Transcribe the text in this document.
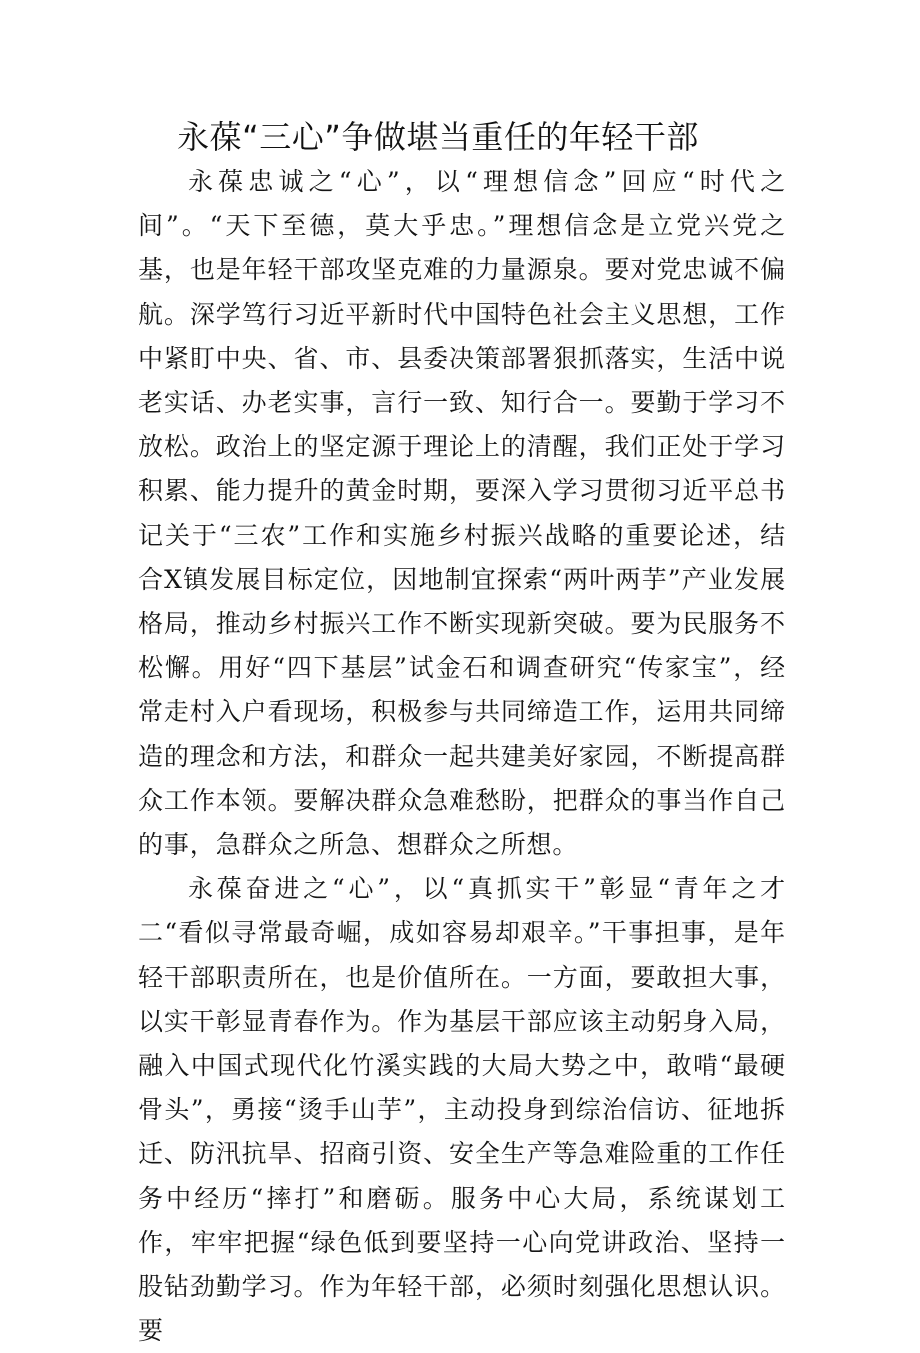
永葆“三心”争做堪当重任的年轻干部

永葆忠诚之“心”，以“理想信念”回应“时代之间”。“天下至德，莫大乎忠。”理想信念是立党兴党之基，也是年轻干部攻坚克难的力量源泉。要对党忠诚不偏航。深学笃行习近平新时代中国特色社会主义思想，工作中紧盯中央、省、市、县委决策部署狠抓落实，生活中说老实话、办老实事，言行一致、知行合一。要勤于学习不放松。政治上的坚定源于理论上的清醒，我们正处于学习积累、能力提升的黄金时期，要深入学习贯彻习近平总书记关于“三农”工作和实施乡村振兴战略的重要论述，结合X镇发展目标定位，因地制宜探索“两叶两芋”产业发展格局，推动乡村振兴工作不断实现新突破。要为民服务不松懈。用好“四下基层”试金石和调查研究“传家宝”，经常走村入户看现场，积极参与共同缔造工作，运用共同缔造的理念和方法，和群众一起共建美好家园，不断提高群众工作本领。要解决群众急难愁盼，把群众的事当作自己的事，急群众之所急、想群众之所想。

永葆奋进之“心”，以“真抓实干”彰显“青年之才二“看似寻常最奇崛，成如容易却艰辛。”干事担事，是年轻干部职责所在，也是价值所在。一方面，要敢担大事，以实干彰显青春作为。作为基层干部应该主动躬身入局，融入中国式现代化竹溪实践的大局大势之中，敢啃“最硬骨头”，勇接“烫手山芋”，主动投身到综治信访、征地拆迁、防汛抗旱、招商引资、安全生产等急难险重的工作任务中经历“摔打”和磨砺。服务中心大局，系统谋划工作，牢牢把握“绿色低到要坚持一心向党讲政治、坚持一股钻劲勤学习。作为年轻干部，必须时刻强化思想认识。要
